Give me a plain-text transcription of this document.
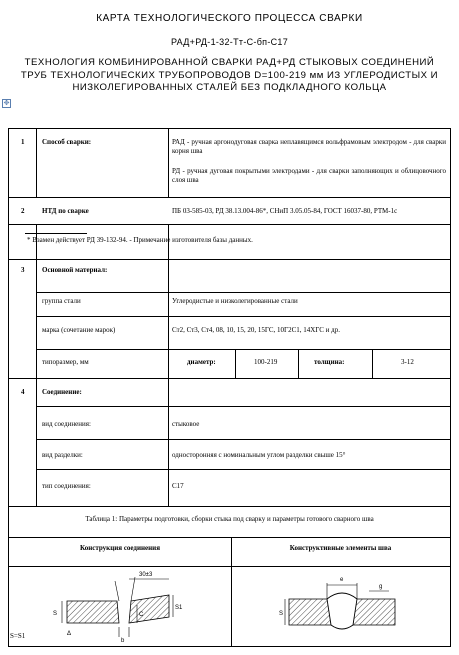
КАРТА ТЕХНОЛОГИЧЕСКОГО ПРОЦЕССА СВАРКИ
РАД+РД-1-32-Тт-С-бп-С17
ТЕХНОЛОГИЯ КОМБИНИРОВАННОЙ СВАРКИ РАД+РД СТЫКОВЫХ СОЕДИНЕНИЙ
ТРУБ ТЕХНОЛОГИЧЕСКИХ ТРУБОПРОВОДОВ D=100-219 мм ИЗ УГЛЕРОДИСТЫХ И
НИЗКОЛЕГИРОВАННЫХ СТАЛЕЙ БЕЗ ПОДКЛАДНОГО КОЛЬЦА
✥
1	Способ сварки:	РАД - ручная аргонодуговая сварка неплавящимся вольфрамовым электродом - для сварки корня шва
РД - ручная дуговая покрытыми электродами - для сварки заполняющих и облицовочного слоя шва
2	НТД по сварке	ПБ 03-585-03, РД 38.13.004-86*, СНиП 3.05.05-84, ГОСТ 16037-80, РТМ-1с
* Взамен действует РД 39-132-94. - Примечание изготовителя базы данных.
3	Основной материал:
группа стали	Углеродистые и низколегированные стали
марка (сочетание марок)	Ст2, Ст3, Ст4, 08, 10, 15, 20, 15ГС, 10Г2С1, 14ХГС и др.
типоразмер, мм	диаметр:	100-219	толщина:	3-12
4	Соединение:
вид соединения:	стыковое
вид разделки:	односторонняя с номинальным углом разделки свыше 15°
тип соединения:	С17
Таблица 1: Параметры подготовки, сборки стыка под сварку и параметры готового сварного шва
Конструкция соединения	Конструктивные элементы шва
S=S1
30±3
S
S1
C
b
Δ
e
g
S
